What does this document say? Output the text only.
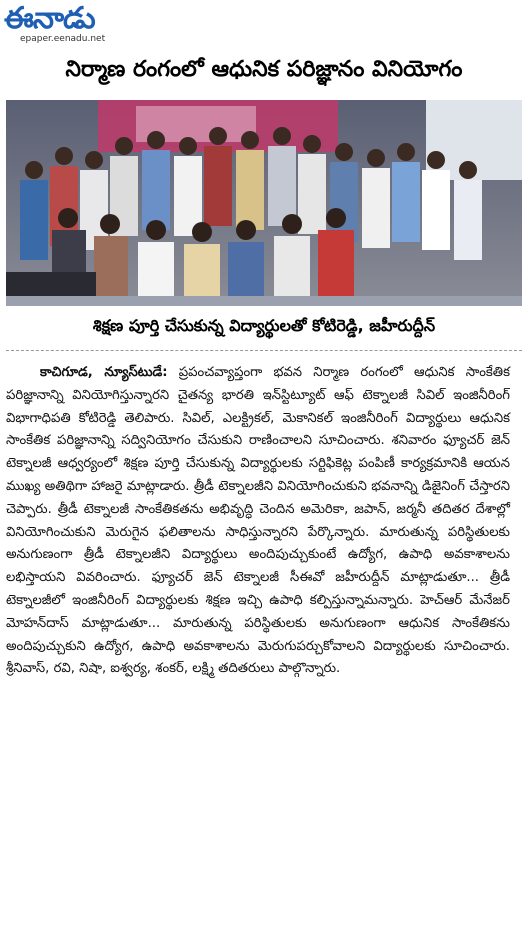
ఈనాడు
epaper.eenadu.net
నిర్మాణ రంగంలో ఆధునిక పరిజ్ఞానం వినియోగం
శిక్షణ పూర్తి చేసుకున్న విద్యార్థులతో కోటిరెడ్డి, జహీరుద్దీన్

కాచిగూడ, న్యూస్‌టుడే: ప్రపంచవ్యాప్తంగా భవన నిర్మాణ రంగంలో ఆధునిక సాంకేతిక పరిజ్ఞానాన్ని వినియోగిస్తున్నారని చైతన్య భారతి ఇన్‌స్టిట్యూట్ ఆఫ్ టెక్నాలజీ సివిల్ ఇంజినీరింగ్ విభాగాధిపతి కోటిరెడ్డి తెలిపారు. సివిల్, ఎలక్ట్రికల్, మెకానికల్ ఇంజినీరింగ్ విద్యార్థులు ఆధునిక సాంకేతిక పరిజ్ఞానాన్ని సద్వినియోగం చేసుకుని రాణించాలని సూచించారు. శనివారం ఫ్యూచర్ జెన్ టెక్నాలజీ ఆధ్వర్యంలో శిక్షణ పూర్తి చేసుకున్న విద్యార్థులకు సర్టిఫికెట్ల పంపిణీ కార్యక్రమానికి ఆయన ముఖ్య అతిథిగా హాజరై మాట్లాడారు. త్రీడీ టెక్నాలజీని వినియోగించుకుని భవనాన్ని డిజైనింగ్ చేస్తారని చెప్పారు. త్రీడీ టెక్నాలజీ సాంకేతికతను అభివృద్ధి చెందిన అమెరికా, జపాన్, జర్మనీ తదితర దేశాల్లో వినియోగించుకుని మెరుగైన ఫలితాలను సాధిస్తున్నారని పేర్కొన్నారు. మారుతున్న పరిస్థితులకు అనుగుణంగా త్రీడీ టెక్నాలజీని విద్యార్థులు అందిపుచ్చుకుంటే ఉద్యోగ, ఉపాధి అవకాశాలను లభిస్తాయని వివరించారు. ఫ్యూచర్ జెన్ టెక్నాలజీ సీఈవో జహీరుద్దీన్ మాట్లాడుతూ... త్రీడీ టెక్నాలజీలో ఇంజినీరింగ్ విద్యార్థులకు శిక్షణ ఇచ్చి ఉపాధి కల్పిస్తున్నామన్నారు. హెచ్‌ఆర్ మేనేజర్ మోహన్‌దాస్ మాట్లాడుతూ... మారుతున్న పరిస్థితులకు అనుగుణంగా ఆధునిక సాంకేతికను అందిపుచ్చుకుని ఉద్యోగ, ఉపాధి అవకాశాలను మెరుగుపర్చుకోవాలని విద్యార్థులకు సూచించారు. శ్రీనివాస్, రవి, నిషా, ఐశ్వర్య, శంకర్, లక్ష్మి తదితరులు పాల్గొన్నారు.
